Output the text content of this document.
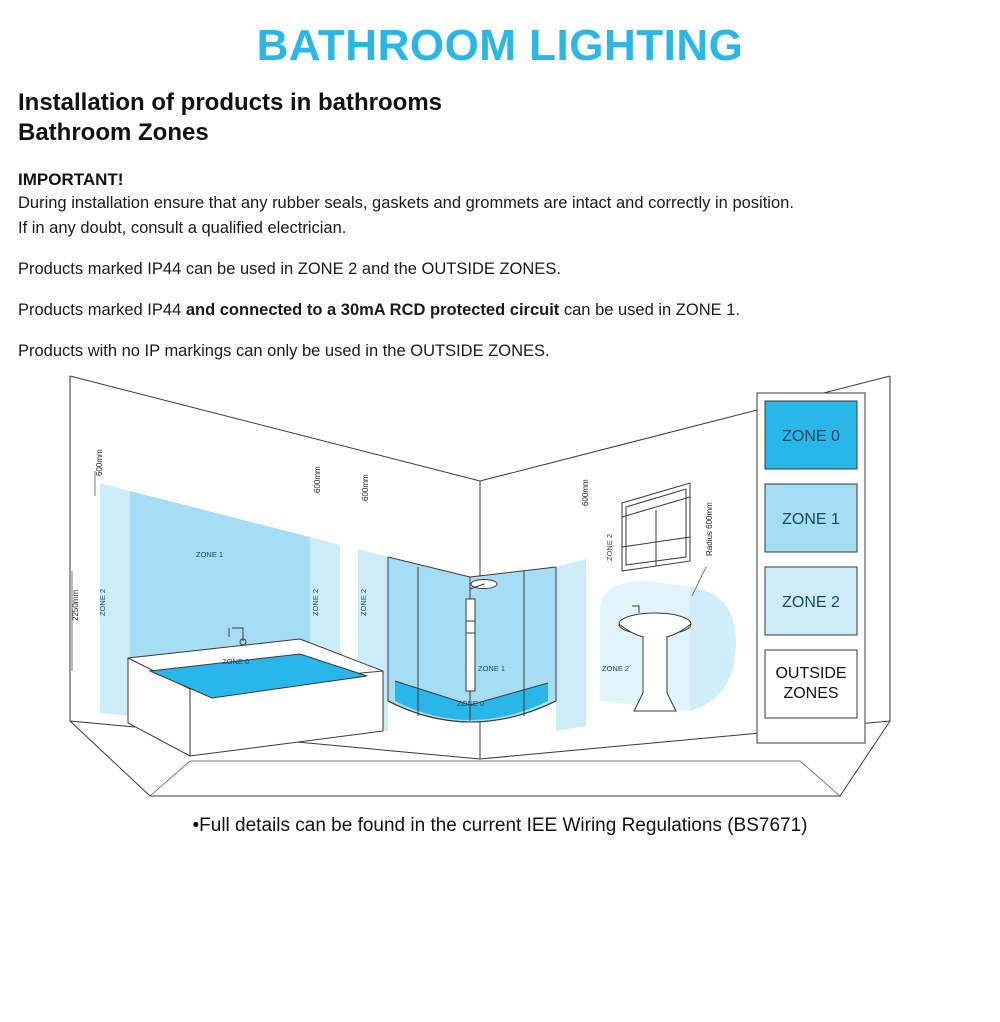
BATHROOM LIGHTING
Installation of products in bathrooms
Bathroom Zones
IMPORTANT!
During installation ensure that any rubber seals, gaskets and grommets are intact and correctly in position.
If in any doubt, consult a qualified electrician.
Products marked IP44 can be used in ZONE 2 and the OUTSIDE ZONES.
Products marked IP44 and connected to a 30mA RCD protected circuit can be used in ZONE 1.
Products with no IP markings can only be used in the OUTSIDE ZONES.
ZONE 1
ZONE 2	ZONE 2	ZONE 2
ZONE 0
600mm
600mm	600mm	600mm
2250mm
Radius 600mm
ZONE 1
ZONE 0
ZONE 2
ZONE 2
ZONE 0
ZONE 1
ZONE 2
OUTSIDE
ZONES
•Full details can be found in the current IEE Wiring Regulations (BS7671)
